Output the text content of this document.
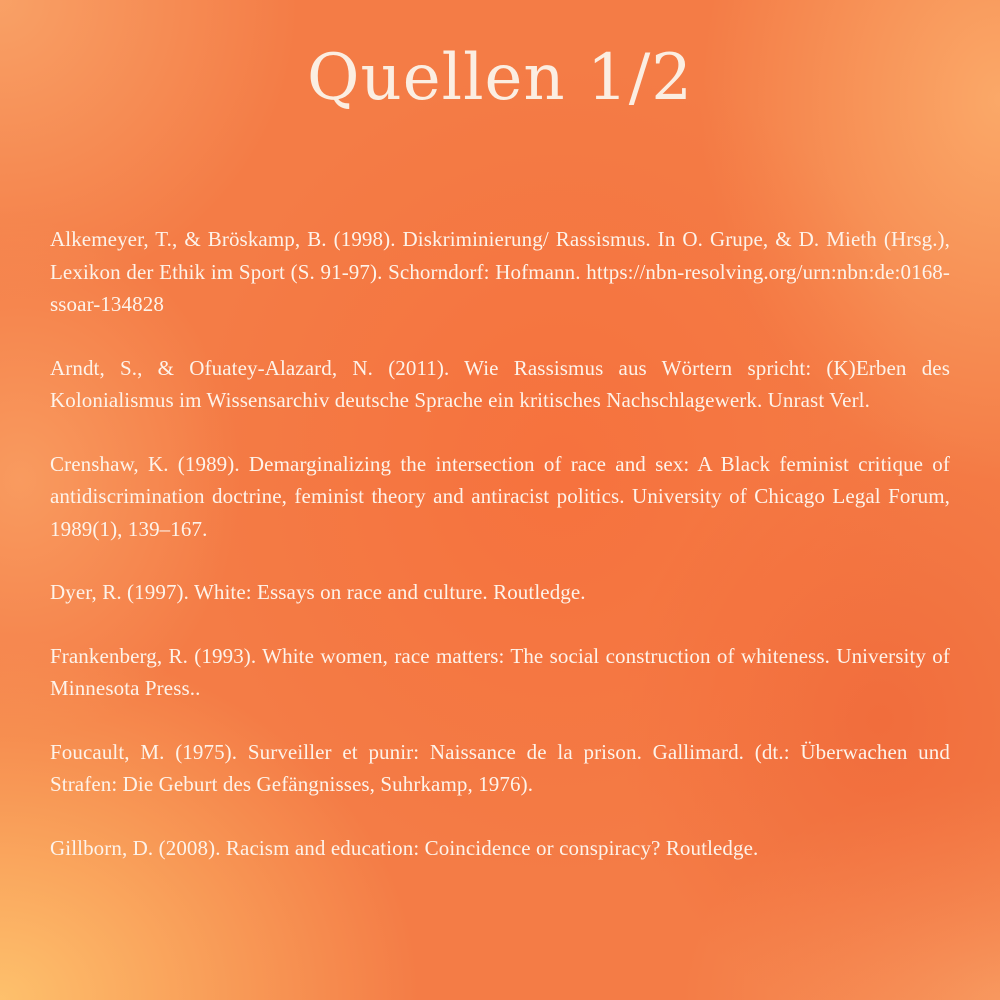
Quellen 1/2
Alkemeyer, T., & Bröskamp, B. (1998). Diskriminierung/ Rassismus. In O. Grupe, & D. Mieth (Hrsg.), Lexikon der Ethik im Sport (S. 91-97). Schorndorf: Hofmann. https://nbn-resolving.org/urn:nbn:de:0168-ssoar-134828
Arndt, S., & Ofuatey-Alazard, N. (2011). Wie Rassismus aus Wörtern spricht: (K)Erben des Kolonialismus im Wissensarchiv deutsche Sprache ein kritisches Nachschlagewerk. Unrast Verl.
Crenshaw, K. (1989). Demarginalizing the intersection of race and sex: A Black feminist critique of antidiscrimination doctrine, feminist theory and antiracist politics. University of Chicago Legal Forum, 1989(1), 139–167.
Dyer, R. (1997). White: Essays on race and culture. Routledge.
Frankenberg, R. (1993). White women, race matters: The social construction of whiteness. University of Minnesota Press..
Foucault, M. (1975). Surveiller et punir: Naissance de la prison. Gallimard. (dt.: Überwachen und Strafen: Die Geburt des Gefängnisses, Suhrkamp, 1976).
Gillborn, D. (2008). Racism and education: Coincidence or conspiracy? Routledge.
